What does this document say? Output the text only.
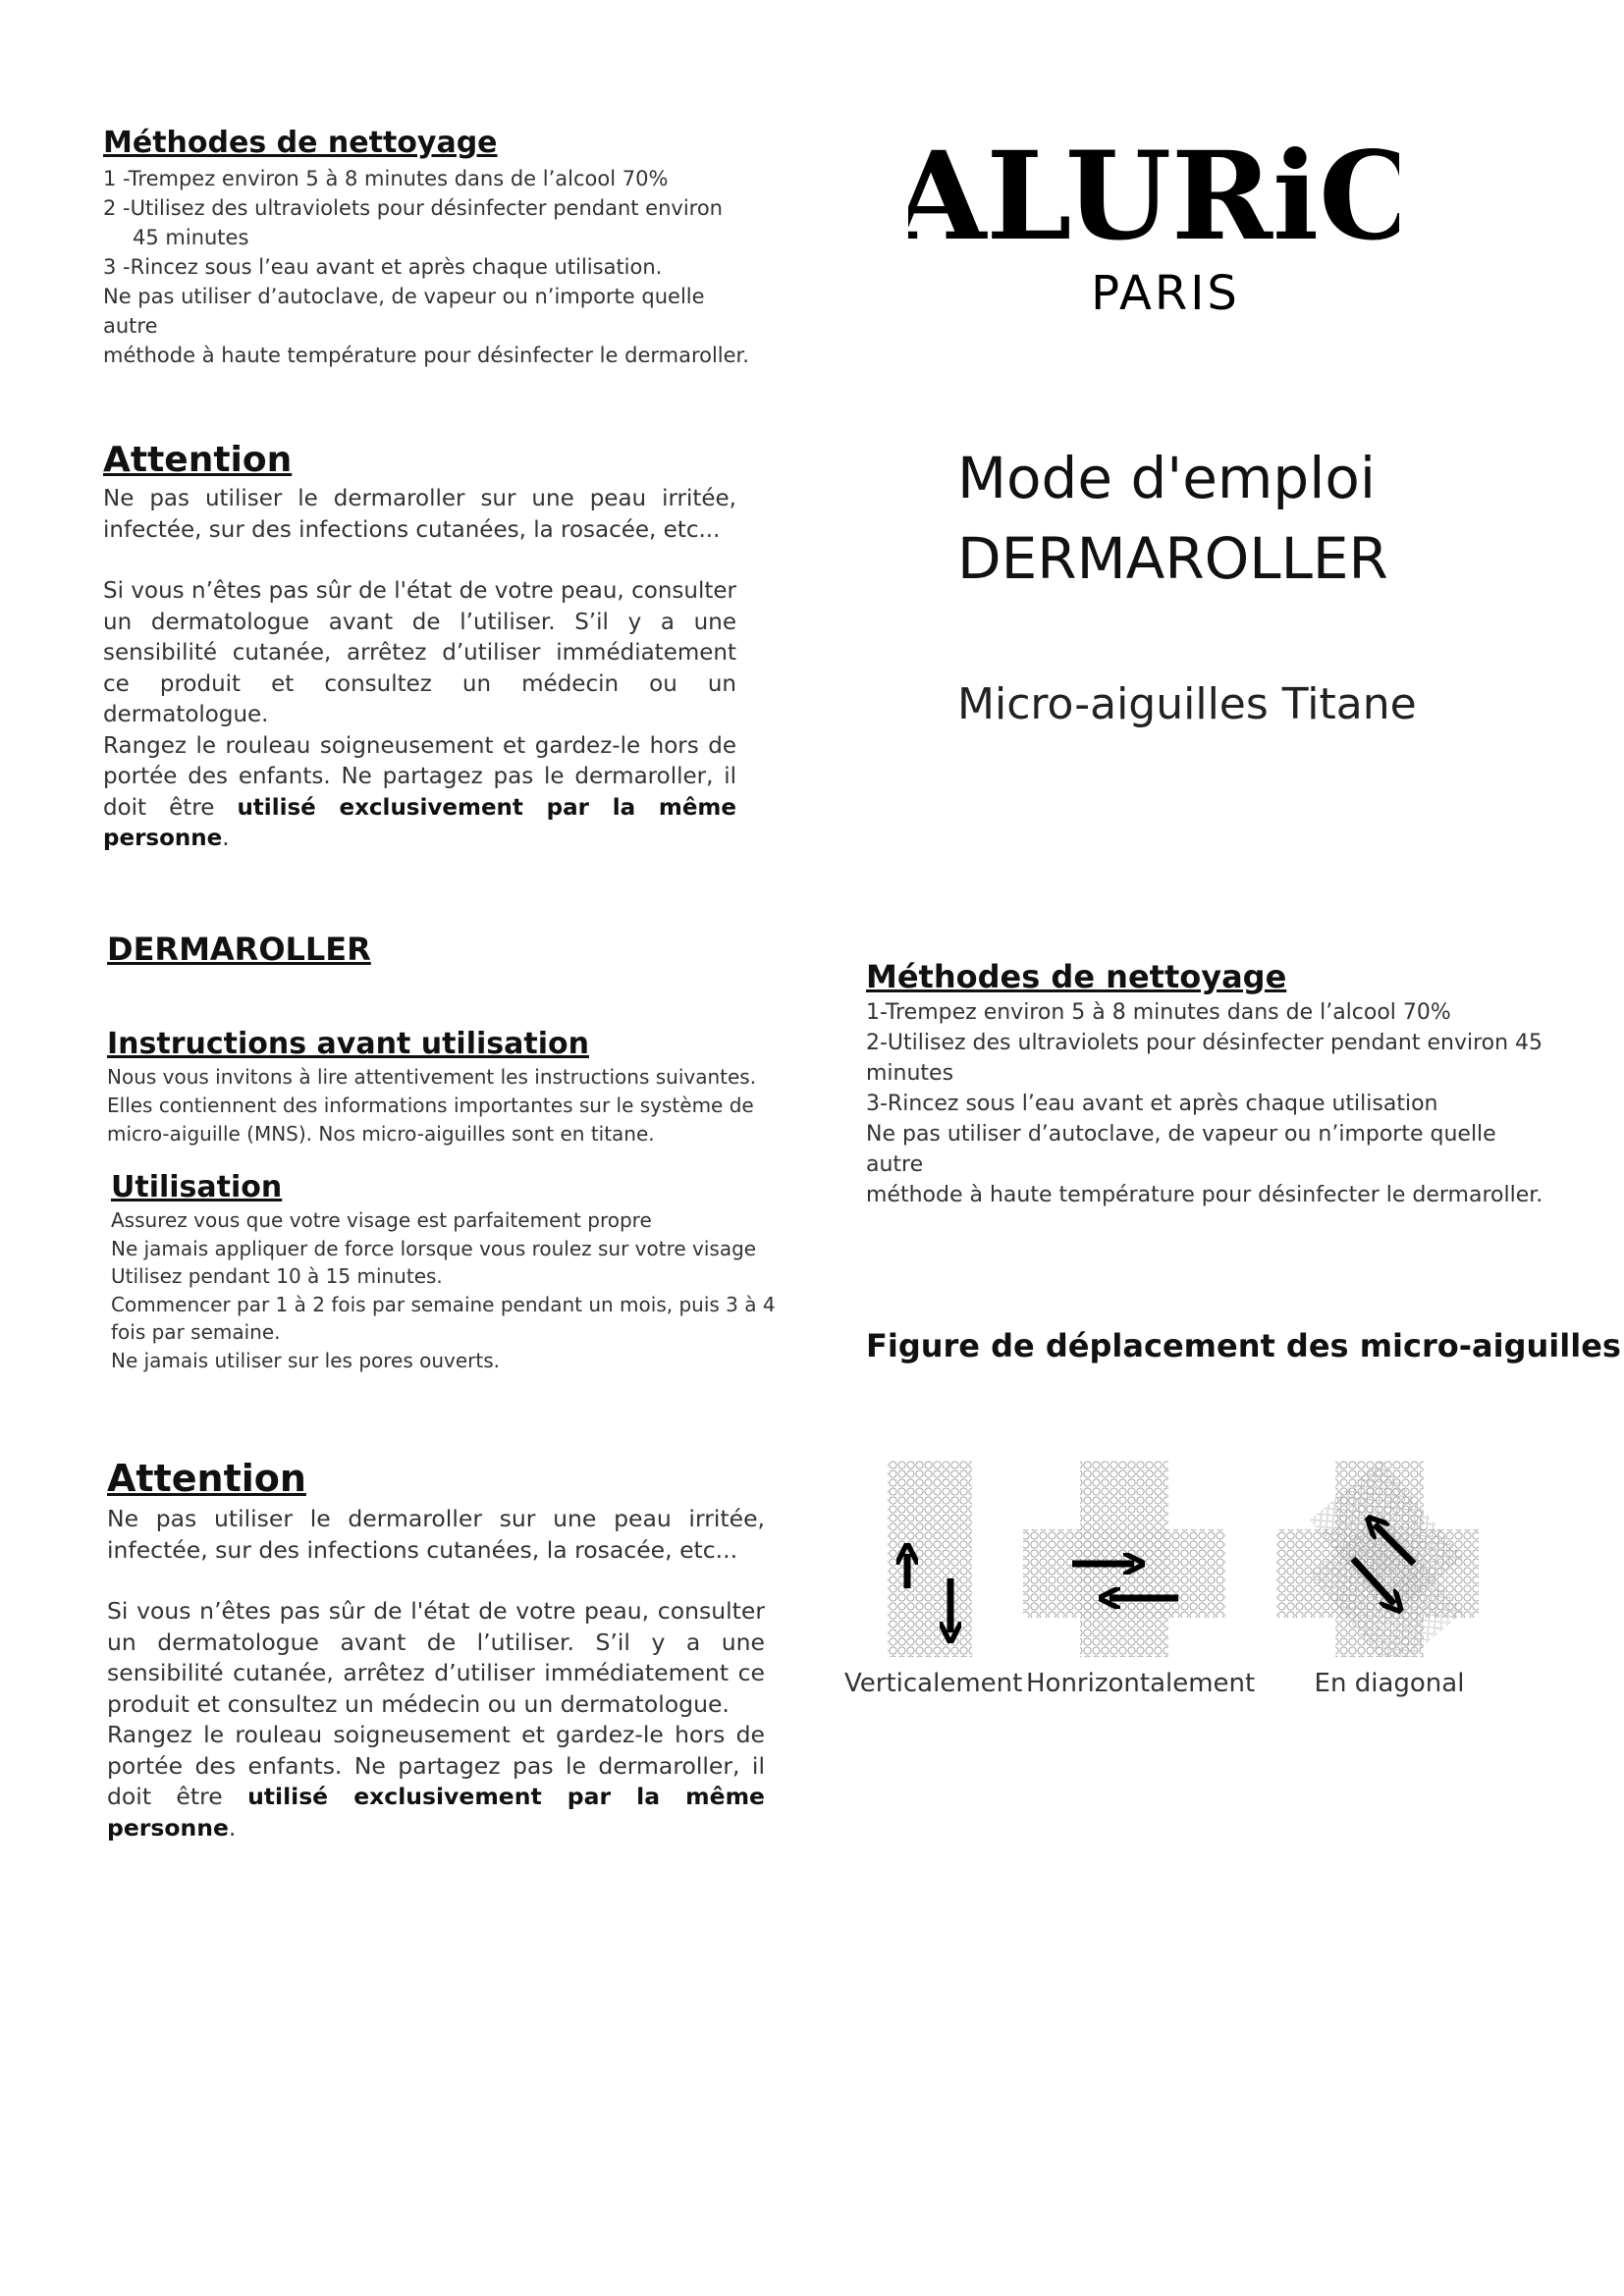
Méthodes de nettoyage

1 -Trempez environ 5 à 8 minutes dans de l’alcool 70%

2 -Utilisez des ultraviolets pour désinfecter pendant environ

45 minutes

3 -Rincez sous l’eau avant et après chaque utilisation.

Ne pas utiliser d’autoclave, de vapeur ou n’importe quelle autre

méthode à haute température pour désinfecter le dermaroller.

ALURiC
PARIS
Attention

Ne pas utiliser le dermaroller sur une peau irritée, infectée, sur des infections cutanées, la rosacée, etc...

Si vous n’êtes pas sûr de l'état de votre peau, consulter un dermatologue avant de l’utiliser. S’il y a une sensibilité cutanée, arrêtez d’utiliser immédiatement ce produit et consultez un médecin ou un dermatologue.

Rangez le rouleau soigneusement et gardez-le hors de portée des enfants. Ne partagez pas le dermaroller, il doit être utilisé exclusivement par la même personne.

Mode d'emploi
DERMAROLLER
Micro-aiguilles Titane
DERMAROLLER
Instructions avant utilisation

Nous vous invitons à lire attentivement les instructions suivantes.

Elles contiennent des informations importantes sur le système de

micro-aiguille (MNS). Nos micro-aiguilles sont en titane.

Utilisation

Assurez vous que votre visage est parfaitement propre

Ne jamais appliquer de force lorsque vous roulez sur votre visage

Utilisez pendant 10 à 15 minutes.

Commencer par 1 à 2 fois par semaine pendant un mois, puis 3 à 4

fois par semaine.

Ne jamais utiliser sur les pores ouverts.

Attention

Ne pas utiliser le dermaroller sur une peau irritée, infectée, sur des infections cutanées, la rosacée, etc...

Si vous n’êtes pas sûr de l'état de votre peau, consulter un dermatologue avant de l’utiliser. S’il y a une sensibilité cutanée, arrêtez d’utiliser immédiatement ce produit et consultez un médecin ou un dermatologue.

Rangez le rouleau soigneusement et gardez-le hors de portée des enfants. Ne partagez pas le dermaroller, il doit être utilisé exclusivement par la même personne.

Méthodes de nettoyage

1-Trempez environ 5 à 8 minutes dans de l’alcool 70%

2-Utilisez des ultraviolets pour désinfecter pendant environ 45

minutes

3-Rincez sous l’eau avant et après chaque utilisation

Ne pas utiliser d’autoclave, de vapeur ou n’importe quelle autre

méthode à haute température pour désinfecter le dermaroller.

Figure de déplacement des micro-aiguilles
Verticalement Honrizontalement	En diagonal
